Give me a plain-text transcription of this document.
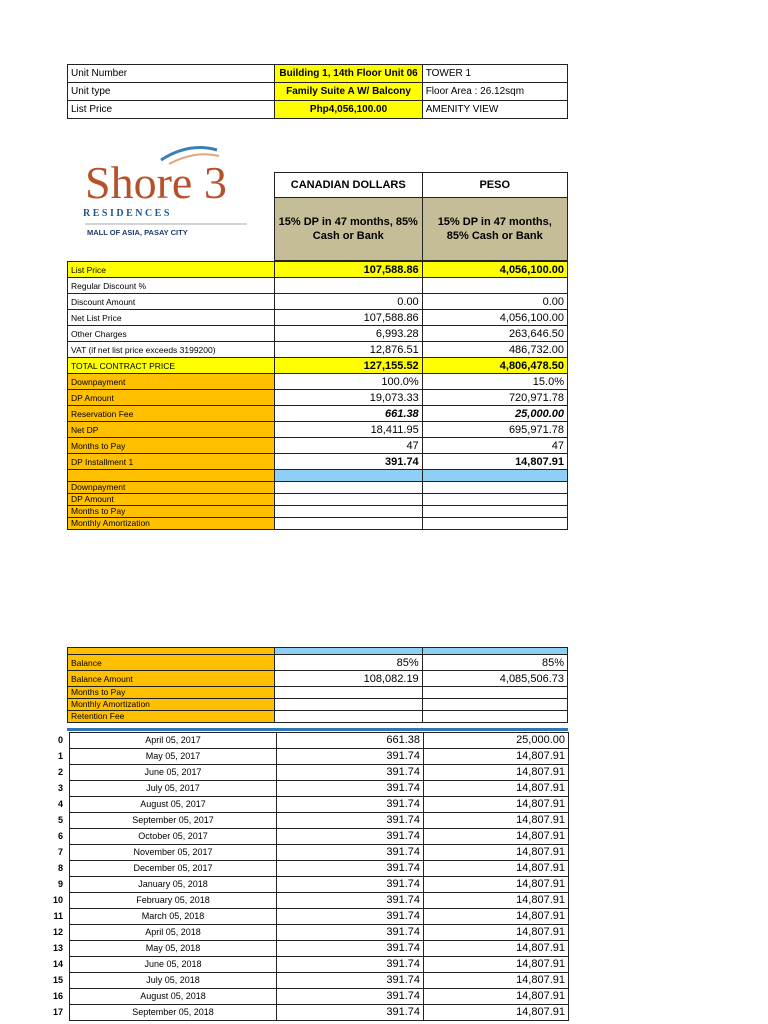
Unit Number	Building 1, 14th Floor Unit 06	TOWER 1
Unit type	Family Suite A W/ Balcony	Floor Area : 26.12sqm
List Price	Php4,056,100.00	AMENITY VIEW
Shore 3
R E S I D E N C E S
MALL OF ASIA, PASAY CITY
CANADIAN DOLLARS	PESO
15% DP in 47 months, 85% Cash or Bank	15% DP in 47 months, 85% Cash or Bank
List Price	107,588.86	4,056,100.00
Regular Discount %		
Discount Amount	0.00	0.00
Net List Price	107,588.86	4,056,100.00
Other Charges	6,993.28	263,646.50
VAT (if net list price exceeds 3199200)	12,876.51	486,732.00
TOTAL CONTRACT PRICE	127,155.52	4,806,478.50
Downpayment	100.0%	15.0%
DP Amount	19,073.33	720,971.78
Reservation Fee	661.38	25,000.00
Net DP	18,411.95	695,971.78
Months to Pay	47	47
DP Installment 1	391.74	14,807.91

Downpayment		
DP Amount		
Months to Pay		
Monthly Amortization		

Balance	85%	85%
Balance Amount	108,082.19	4,085,506.73
Months to Pay		
Monthly Amortization		
Retention Fee		
0	April 05, 2017	661.38	25,000.00
1	May 05, 2017	391.74	14,807.91
2	June 05, 2017	391.74	14,807.91
3	July 05, 2017	391.74	14,807.91
4	August 05, 2017	391.74	14,807.91
5	September 05, 2017	391.74	14,807.91
6	October 05, 2017	391.74	14,807.91
7	November 05, 2017	391.74	14,807.91
8	December 05, 2017	391.74	14,807.91
9	January 05, 2018	391.74	14,807.91
10	February 05, 2018	391.74	14,807.91
11	March 05, 2018	391.74	14,807.91
12	April 05, 2018	391.74	14,807.91
13	May 05, 2018	391.74	14,807.91
14	June 05, 2018	391.74	14,807.91
15	July 05, 2018	391.74	14,807.91
16	August 05, 2018	391.74	14,807.91
17	September 05, 2018	391.74	14,807.91
